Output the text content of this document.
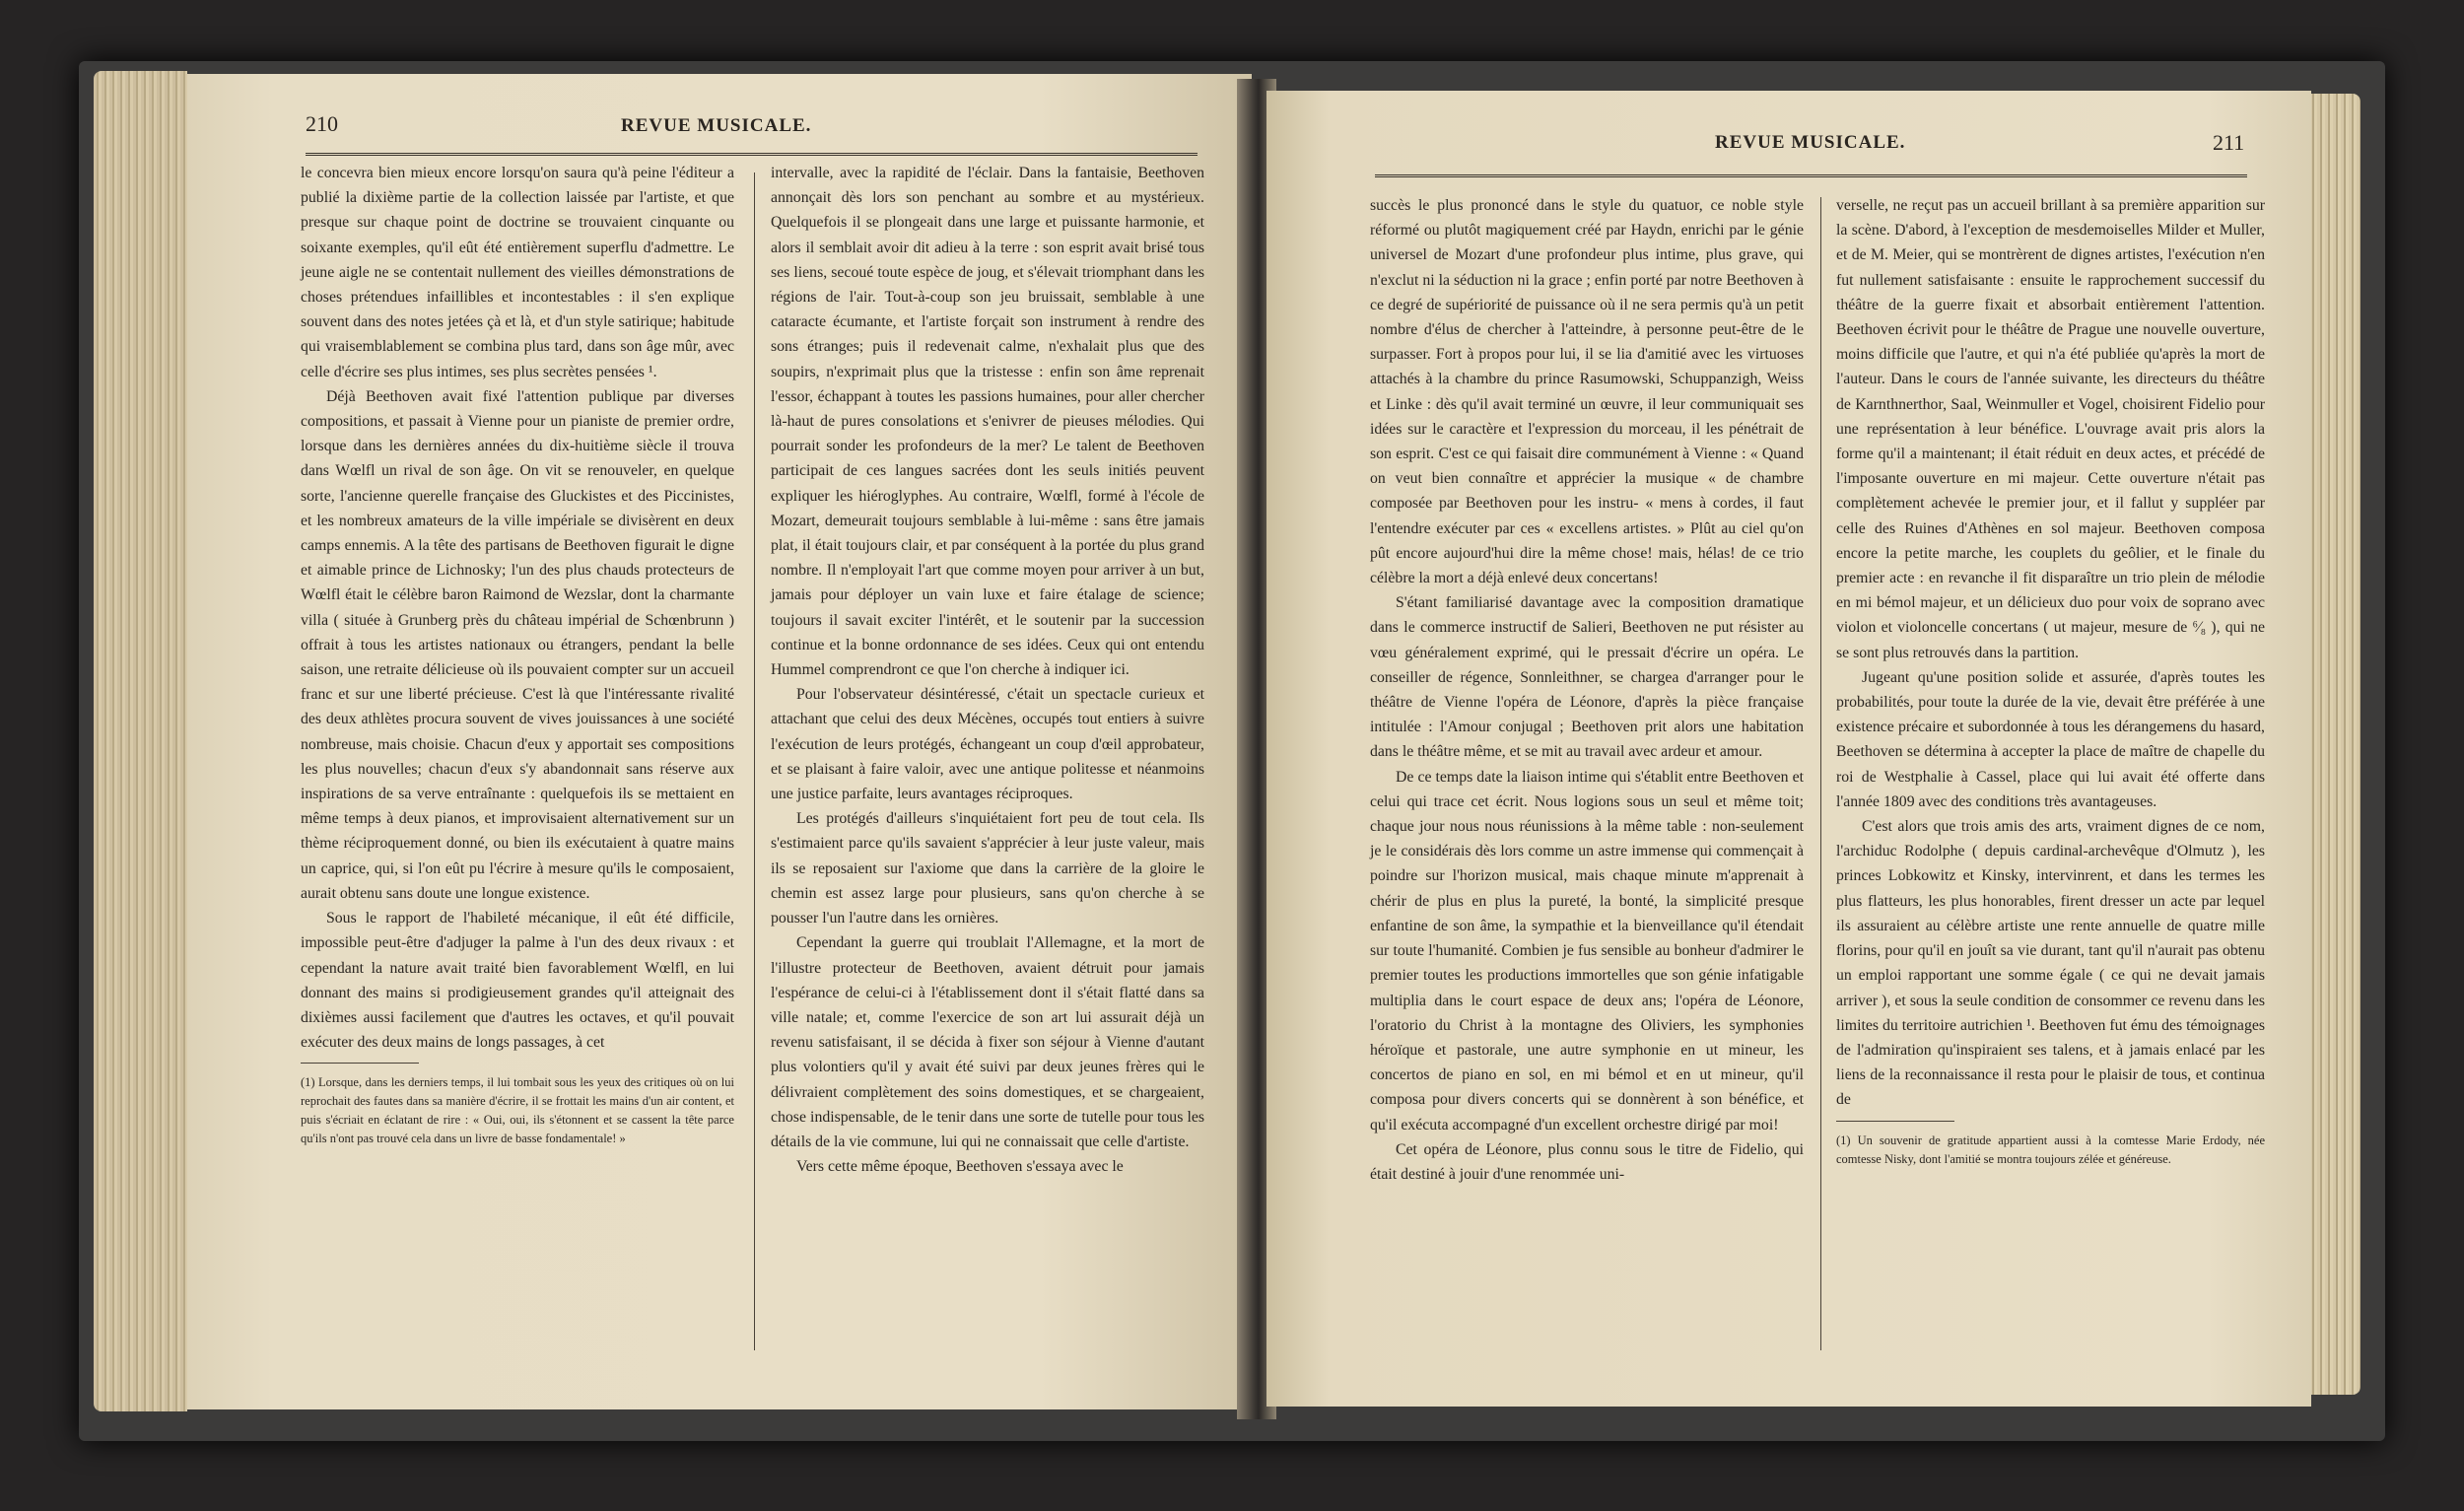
210	REVUE MUSICALE.

le concevra bien mieux encore lorsqu'on saura qu'à peine l'éditeur a publié la dixième partie de la collection laissée par l'artiste, et que presque sur chaque point de doctrine se trouvaient cinquante ou soixante exemples, qu'il eût été entièrement superflu d'admettre. Le jeune aigle ne se contentait nullement des vieilles démonstrations de choses prétendues infaillibles et incontestables : il s'en explique souvent dans des notes jetées çà et là, et d'un style satirique; habitude qui vraisemblablement se combina plus tard, dans son âge mûr, avec celle d'écrire ses plus intimes, ses plus secrètes pensées ¹.

Déjà Beethoven avait fixé l'attention publique par diverses compositions, et passait à Vienne pour un pianiste de premier ordre, lorsque dans les dernières années du dix-huitième siècle il trouva dans Wœlfl un rival de son âge. On vit se renouveler, en quelque sorte, l'ancienne querelle française des Gluckistes et des Piccinistes, et les nombreux amateurs de la ville impériale se divisèrent en deux camps ennemis. A la tête des partisans de Beethoven figurait le digne et aimable prince de Lichnosky; l'un des plus chauds protecteurs de Wœlfl était le célèbre baron Raimond de Wezslar, dont la charmante villa ( située à Grunberg près du château impérial de Schœnbrunn ) offrait à tous les artistes nationaux ou étrangers, pendant la belle saison, une retraite délicieuse où ils pouvaient compter sur un accueil franc et sur une liberté précieuse. C'est là que l'intéressante rivalité des deux athlètes procura souvent de vives jouissances à une société nombreuse, mais choisie. Chacun d'eux y apportait ses compositions les plus nouvelles; chacun d'eux s'y abandonnait sans réserve aux inspirations de sa verve entraînante : quelquefois ils se mettaient en même temps à deux pianos, et improvisaient alternativement sur un thème réciproquement donné, ou bien ils exécutaient à quatre mains un caprice, qui, si l'on eût pu l'écrire à mesure qu'ils le composaient, aurait obtenu sans doute une longue existence.

Sous le rapport de l'habileté mécanique, il eût été difficile, impossible peut-être d'adjuger la palme à l'un des deux rivaux : et cependant la nature avait traité bien favorablement Wœlfl, en lui donnant des mains si prodigieusement grandes qu'il atteignait des dixièmes aussi facilement que d'autres les octaves, et qu'il pouvait exécuter des deux mains de longs passages, à cet

(1) Lorsque, dans les derniers temps, il lui tombait sous les yeux des critiques où on lui reprochait des fautes dans sa manière d'écrire, il se frottait les mains d'un air content, et puis s'écriait en éclatant de rire : « Oui, oui, ils s'étonnent et se cassent la tête parce qu'ils n'ont pas trouvé cela dans un livre de basse fondamentale! »

intervalle, avec la rapidité de l'éclair. Dans la fantaisie, Beethoven annonçait dès lors son penchant au sombre et au mystérieux. Quelquefois il se plongeait dans une large et puissante harmonie, et alors il semblait avoir dit adieu à la terre : son esprit avait brisé tous ses liens, secoué toute espèce de joug, et s'élevait triomphant dans les régions de l'air. Tout-à-coup son jeu bruissait, semblable à une cataracte écumante, et l'artiste forçait son instrument à rendre des sons étranges; puis il redevenait calme, n'exhalait plus que des soupirs, n'exprimait plus que la tristesse : enfin son âme reprenait l'essor, échappant à toutes les passions humaines, pour aller chercher là-haut de pures consolations et s'enivrer de pieuses mélodies. Qui pourrait sonder les profondeurs de la mer? Le talent de Beethoven participait de ces langues sacrées dont les seuls initiés peuvent expliquer les hiéroglyphes. Au contraire, Wœlfl, formé à l'école de Mozart, demeurait toujours semblable à lui-même : sans être jamais plat, il était toujours clair, et par conséquent à la portée du plus grand nombre. Il n'employait l'art que comme moyen pour arriver à un but, jamais pour déployer un vain luxe et faire étalage de science; toujours il savait exciter l'intérêt, et le soutenir par la succession continue et la bonne ordonnance de ses idées. Ceux qui ont entendu Hummel comprendront ce que l'on cherche à indiquer ici.

Pour l'observateur désintéressé, c'était un spectacle curieux et attachant que celui des deux Mécènes, occupés tout entiers à suivre l'exécution de leurs protégés, échangeant un coup d'œil approbateur, et se plaisant à faire valoir, avec une antique politesse et néanmoins une justice parfaite, leurs avantages réciproques.

Les protégés d'ailleurs s'inquiétaient fort peu de tout cela. Ils s'estimaient parce qu'ils savaient s'apprécier à leur juste valeur, mais ils se reposaient sur l'axiome que dans la carrière de la gloire le chemin est assez large pour plusieurs, sans qu'on cherche à se pousser l'un l'autre dans les ornières.

Cependant la guerre qui troublait l'Allemagne, et la mort de l'illustre protecteur de Beethoven, avaient détruit pour jamais l'espérance de celui-ci à l'établissement dont il s'était flatté dans sa ville natale; et, comme l'exercice de son art lui assurait déjà un revenu satisfaisant, il se décida à fixer son séjour à Vienne d'autant plus volontiers qu'il y avait été suivi par deux jeunes frères qui le délivraient complètement des soins domestiques, et se chargeaient, chose indispensable, de le tenir dans une sorte de tutelle pour tous les détails de la vie commune, lui qui ne connaissait que celle d'artiste.

Vers cette même époque, Beethoven s'essaya avec le

REVUE MUSICALE.	211

succès le plus prononcé dans le style du quatuor, ce noble style réformé ou plutôt magiquement créé par Haydn, enrichi par le génie universel de Mozart d'une profondeur plus intime, plus grave, qui n'exclut ni la séduction ni la grace ; enfin porté par notre Beethoven à ce degré de supériorité de puissance où il ne sera permis qu'à un petit nombre d'élus de chercher à l'atteindre, à personne peut-être de le surpasser. Fort à propos pour lui, il se lia d'amitié avec les virtuoses attachés à la chambre du prince Rasumowski, Schuppanzigh, Weiss et Linke : dès qu'il avait terminé un œuvre, il leur communiquait ses idées sur le caractère et l'expression du morceau, il les pénétrait de son esprit. C'est ce qui faisait dire communément à Vienne : « Quand on veut bien connaître et apprécier la musique « de chambre composée par Beethoven pour les instru- « mens à cordes, il faut l'entendre exécuter par ces « excellens artistes. » Plût au ciel qu'on pût encore aujourd'hui dire la même chose! mais, hélas! de ce trio célèbre la mort a déjà enlevé deux concertans!

S'étant familiarisé davantage avec la composition dramatique dans le commerce instructif de Salieri, Beethoven ne put résister au vœu généralement exprimé, qui le pressait d'écrire un opéra. Le conseiller de régence, Sonnleithner, se chargea d'arranger pour le théâtre de Vienne l'opéra de Léonore, d'après la pièce française intitulée : l'Amour conjugal ; Beethoven prit alors une habitation dans le théâtre même, et se mit au travail avec ardeur et amour.

De ce temps date la liaison intime qui s'établit entre Beethoven et celui qui trace cet écrit. Nous logions sous un seul et même toit; chaque jour nous nous réunissions à la même table : non-seulement je le considérais dès lors comme un astre immense qui commençait à poindre sur l'horizon musical, mais chaque minute m'apprenait à chérir de plus en plus la pureté, la bonté, la simplicité presque enfantine de son âme, la sympathie et la bienveillance qu'il étendait sur toute l'humanité. Combien je fus sensible au bonheur d'admirer le premier toutes les productions immortelles que son génie infatigable multiplia dans le court espace de deux ans; l'opéra de Léonore, l'oratorio du Christ à la montagne des Oliviers, les symphonies héroïque et pastorale, une autre symphonie en ut mineur, les concertos de piano en sol, en mi bémol et en ut mineur, qu'il composa pour divers concerts qui se donnèrent à son bénéfice, et qu'il exécuta accompagné d'un excellent orchestre dirigé par moi!

Cet opéra de Léonore, plus connu sous le titre de Fidelio, qui était destiné à jouir d'une renommée uni-

verselle, ne reçut pas un accueil brillant à sa première apparition sur la scène. D'abord, à l'exception de mesdemoiselles Milder et Muller, et de M. Meier, qui se montrèrent de dignes artistes, l'exécution n'en fut nullement satisfaisante : ensuite le rapprochement successif du théâtre de la guerre fixait et absorbait entièrement l'attention. Beethoven écrivit pour le théâtre de Prague une nouvelle ouverture, moins difficile que l'autre, et qui n'a été publiée qu'après la mort de l'auteur. Dans le cours de l'année suivante, les directeurs du théâtre de Karnthnerthor, Saal, Weinmuller et Vogel, choisirent Fidelio pour une représentation à leur bénéfice. L'ouvrage avait pris alors la forme qu'il a maintenant; il était réduit en deux actes, et précédé de l'imposante ouverture en mi majeur. Cette ouverture n'était pas complètement achevée le premier jour, et il fallut y suppléer par celle des Ruines d'Athènes en sol majeur. Beethoven composa encore la petite marche, les couplets du geôlier, et le finale du premier acte : en revanche il fit disparaître un trio plein de mélodie en mi bémol majeur, et un délicieux duo pour voix de soprano avec violon et violoncelle concertans ( ut majeur, mesure de ⁶⁄₈ ), qui ne se sont plus retrouvés dans la partition.

Jugeant qu'une position solide et assurée, d'après toutes les probabilités, pour toute la durée de la vie, devait être préférée à une existence précaire et subordonnée à tous les dérangemens du hasard, Beethoven se détermina à accepter la place de maître de chapelle du roi de Westphalie à Cassel, place qui lui avait été offerte dans l'année 1809 avec des conditions très avantageuses.

C'est alors que trois amis des arts, vraiment dignes de ce nom, l'archiduc Rodolphe ( depuis cardinal-archevêque d'Olmutz ), les princes Lobkowitz et Kinsky, intervinrent, et dans les termes les plus flatteurs, les plus honorables, firent dresser un acte par lequel ils assuraient au célèbre artiste une rente annuelle de quatre mille florins, pour qu'il en jouît sa vie durant, tant qu'il n'aurait pas obtenu un emploi rapportant une somme égale ( ce qui ne devait jamais arriver ), et sous la seule condition de consommer ce revenu dans les limites du territoire autrichien ¹. Beethoven fut ému des témoignages de l'admiration qu'inspiraient ses talens, et à jamais enlacé par les liens de la reconnaissance il resta pour le plaisir de tous, et continua de

(1) Un souvenir de gratitude appartient aussi à la comtesse Marie Erdody, née comtesse Nisky, dont l'amitié se montra toujours zélée et généreuse.
